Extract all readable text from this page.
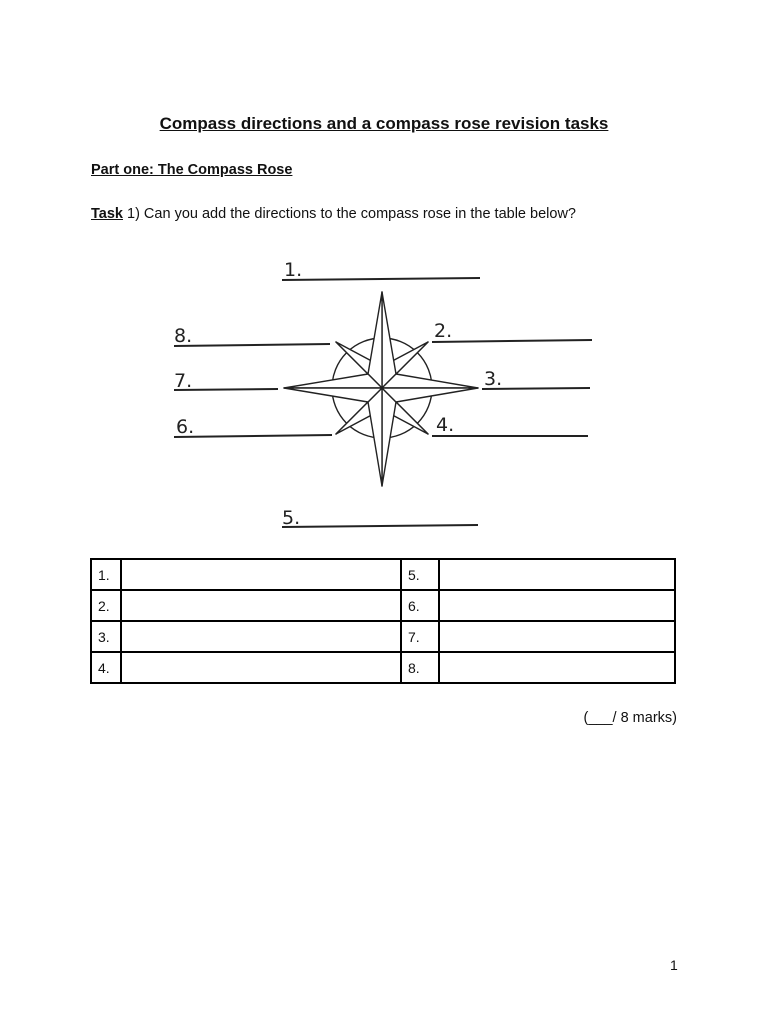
Compass directions and a compass rose revision tasks
Part one: The Compass Rose
Task 1) Can you add the directions to the compass rose in the table below?
1.
2.
3.
4.
5.
6.
7.
8.
1.		5.	
2.		6.	
3.		7.	
4.		8.	
(___/ 8 marks)
1
